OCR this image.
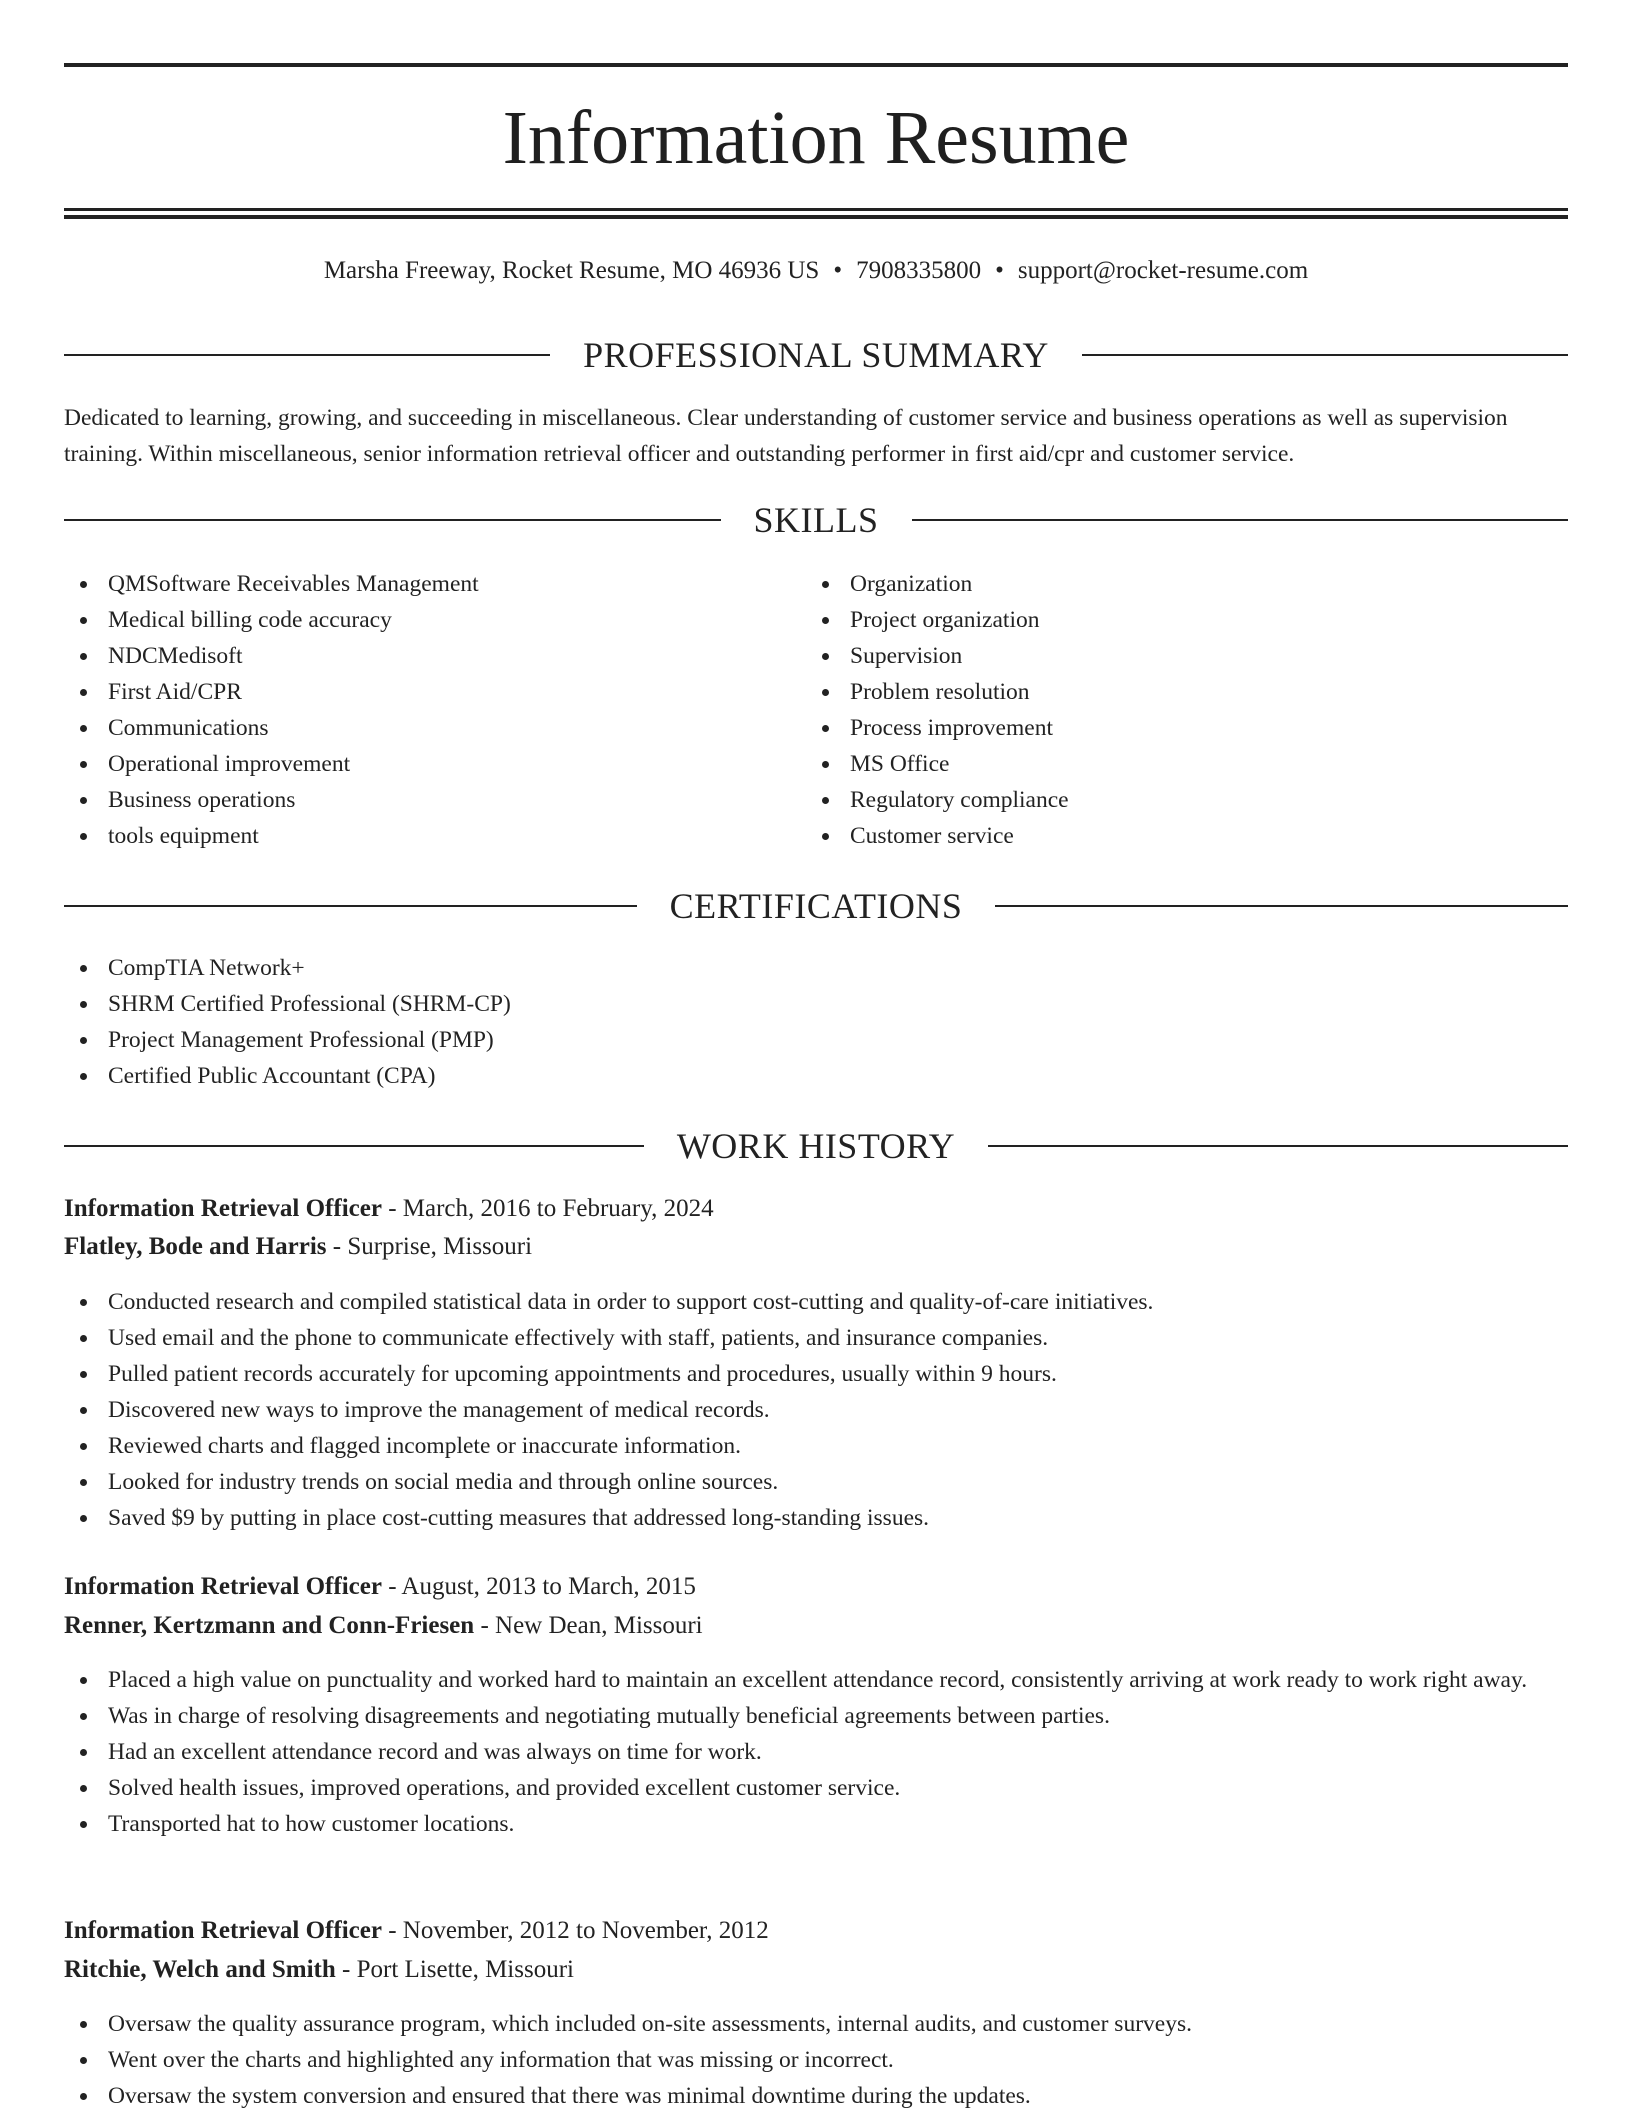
Information Resume
Marsha Freeway, Rocket Resume, MO 46936 US • 7908335800 • support@rocket-resume.com
PROFESSIONAL SUMMARY

Dedicated to learning, growing, and succeeding in miscellaneous. Clear understanding of customer service and business operations as well as supervision training. Within miscellaneous, senior information retrieval officer and outstanding performer in first aid/cpr and customer service.

SKILLS
QMSoftware Receivables Management
Medical billing code accuracy
NDCMedisoft
First Aid/CPR
Communications
Operational improvement
Business operations
tools equipment
Organization
Project organization
Supervision
Problem resolution
Process improvement
MS Office
Regulatory compliance
Customer service
CERTIFICATIONS
CompTIA Network+
SHRM Certified Professional (SHRM-CP)
Project Management Professional (PMP)
Certified Public Accountant (CPA)
WORK HISTORY
Information Retrieval Officer - March, 2016 to February, 2024
Flatley, Bode and Harris - Surprise, Missouri
Conducted research and compiled statistical data in order to support cost-cutting and quality-of-care initiatives.
Used email and the phone to communicate effectively with staff, patients, and insurance companies.
Pulled patient records accurately for upcoming appointments and procedures, usually within 9 hours.
Discovered new ways to improve the management of medical records.
Reviewed charts and flagged incomplete or inaccurate information.
Looked for industry trends on social media and through online sources.
Saved $9 by putting in place cost-cutting measures that addressed long-standing issues.
Information Retrieval Officer - August, 2013 to March, 2015
Renner, Kertzmann and Conn-Friesen - New Dean, Missouri
Placed a high value on punctuality and worked hard to maintain an excellent attendance record, consistently arriving at work ready to work right away.
Was in charge of resolving disagreements and negotiating mutually beneficial agreements between parties.
Had an excellent attendance record and was always on time for work.
Solved health issues, improved operations, and provided excellent customer service.
Transported hat to how customer locations.
Information Retrieval Officer - November, 2012 to November, 2012
Ritchie, Welch and Smith - Port Lisette, Missouri
Oversaw the quality assurance program, which included on-site assessments, internal audits, and customer surveys.
Went over the charts and highlighted any information that was missing or incorrect.
Oversaw the system conversion and ensured that there was minimal downtime during the updates.
